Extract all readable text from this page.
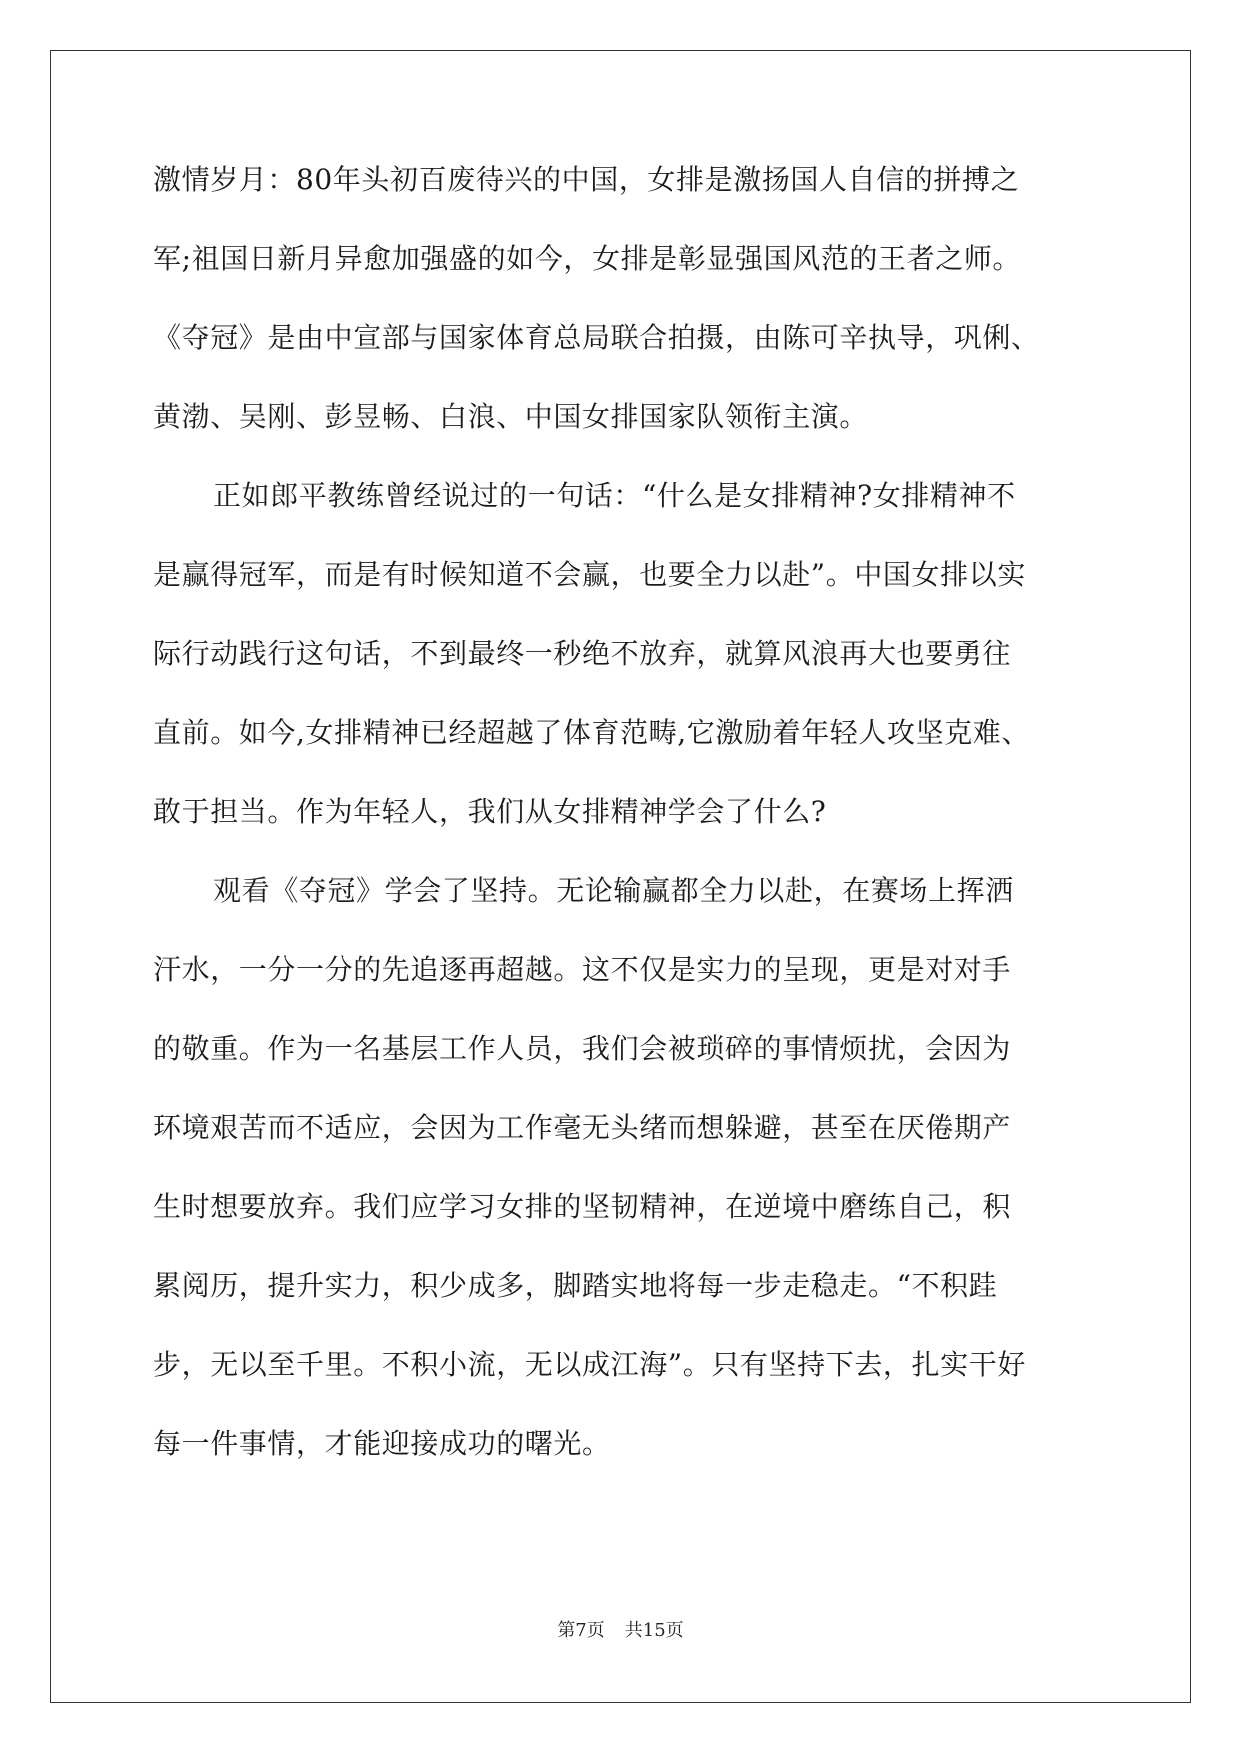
激情岁月：80年头初百废待兴的中国，女排是激扬国人自信的拼搏之
军;祖国日新月异愈加强盛的如今，女排是彰显强国风范的王者之师。
《夺冠》是由中宣部与国家体育总局联合拍摄，由陈可辛执导，巩俐、
黄渤、吴刚、彭昱畅、白浪、中国女排国家队领衔主演。
正如郎平教练曾经说过的一句话：“什么是女排精神?女排精神不
是赢得冠军，而是有时候知道不会赢，也要全力以赴”。中国女排以实
际行动践行这句话，不到最终一秒绝不放弃，就算风浪再大也要勇往
直前。如今,女排精神已经超越了体育范畴,它激励着年轻人攻坚克难、
敢于担当。作为年轻人，我们从女排精神学会了什么?
观看《夺冠》学会了坚持。无论输赢都全力以赴，在赛场上挥洒
汗水，一分一分的先追逐再超越。这不仅是实力的呈现，更是对对手
的敬重。作为一名基层工作人员，我们会被琐碎的事情烦扰，会因为
环境艰苦而不适应，会因为工作毫无头绪而想躲避，甚至在厌倦期产
生时想要放弃。我们应学习女排的坚韧精神，在逆境中磨练自己，积
累阅历，提升实力，积少成多，脚踏实地将每一步走稳走。“不积跬
步，无以至千里。不积小流，无以成江海”。只有坚持下去，扎实干好
每一件事情，才能迎接成功的曙光。
第7页 共15页
